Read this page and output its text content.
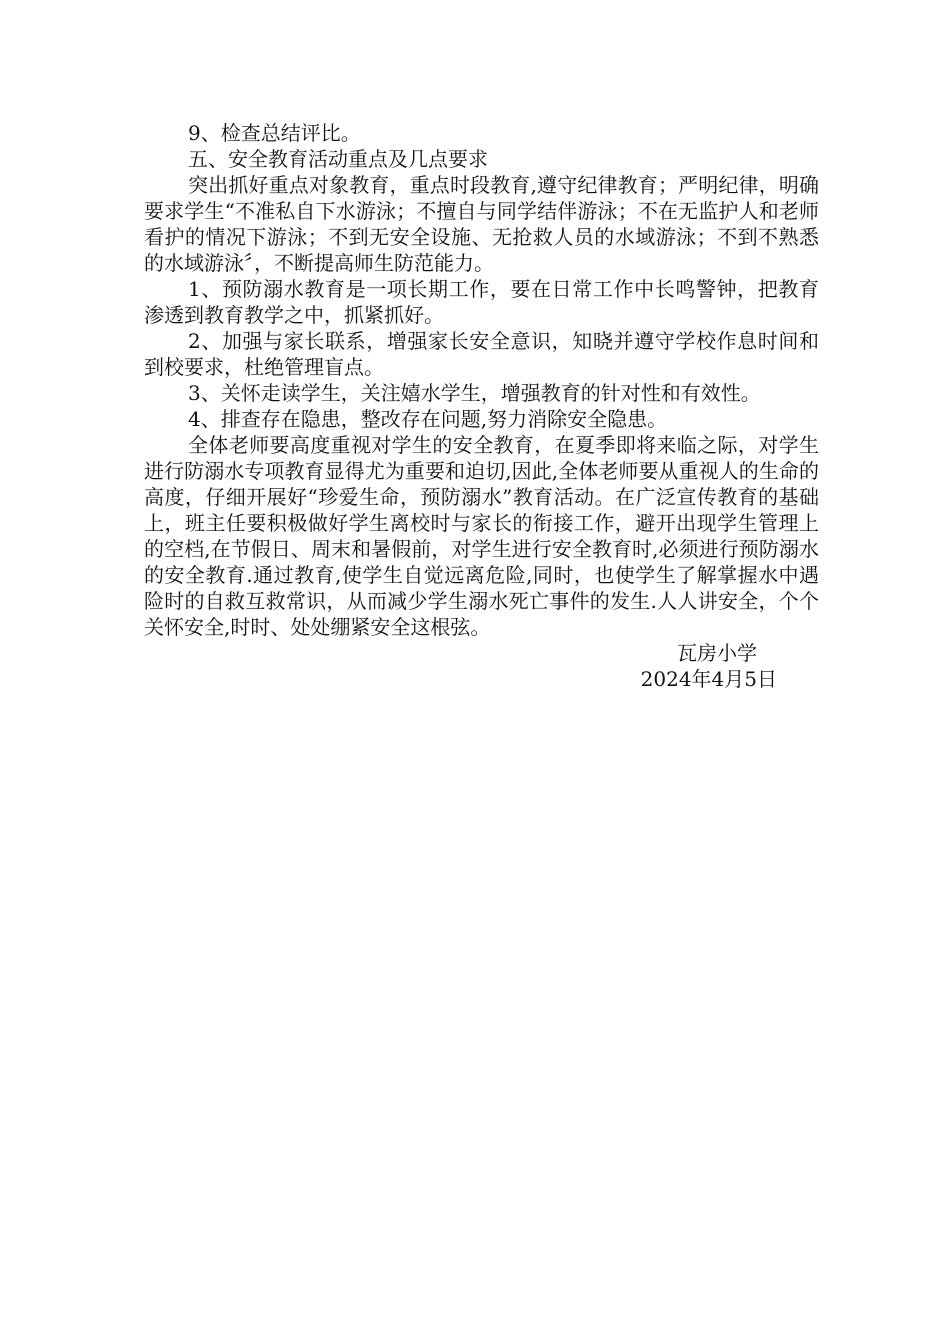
9、检查总结评比。

五、安全教育活动重点及几点要求

突出抓好重点对象教育，重点时段教育,遵守纪律教育；严明纪律，明确要求学生“不准私自下水游泳；不擅自与同学结伴游泳；不在无监护人和老师看护的情况下游泳；不到无安全设施、无抢救人员的水域游泳；不到不熟悉的水域游泳〞，不断提高师生防范能力。

1、预防溺水教育是一项长期工作，要在日常工作中长鸣警钟，把教育渗透到教育教学之中，抓紧抓好。

2、加强与家长联系，增强家长安全意识，知晓并遵守学校作息时间和到校要求，杜绝管理盲点。

3、关怀走读学生，关注嬉水学生，增强教育的针对性和有效性。

4、排查存在隐患，整改存在问题,努力消除安全隐患。

全体老师要高度重视对学生的安全教育，在夏季即将来临之际，对学生进行防溺水专项教育显得尤为重要和迫切,因此,全体老师要从重视人的生命的高度，仔细开展好“珍爱生命，预防溺水”教育活动。在广泛宣传教育的基础上，班主任要积极做好学生离校时与家长的衔接工作，避开出现学生管理上的空档,在节假日、周末和暑假前，对学生进行安全教育时,必须进行预防溺水的安全教育.通过教育,使学生自觉远离危险,同时，也使学生了解掌握水中遇险时的自救互救常识，从而减少学生溺水死亡事件的发生.人人讲安全，个个关怀安全,时时、处处绷紧安全这根弦。

瓦房小学

2024年4月5日
